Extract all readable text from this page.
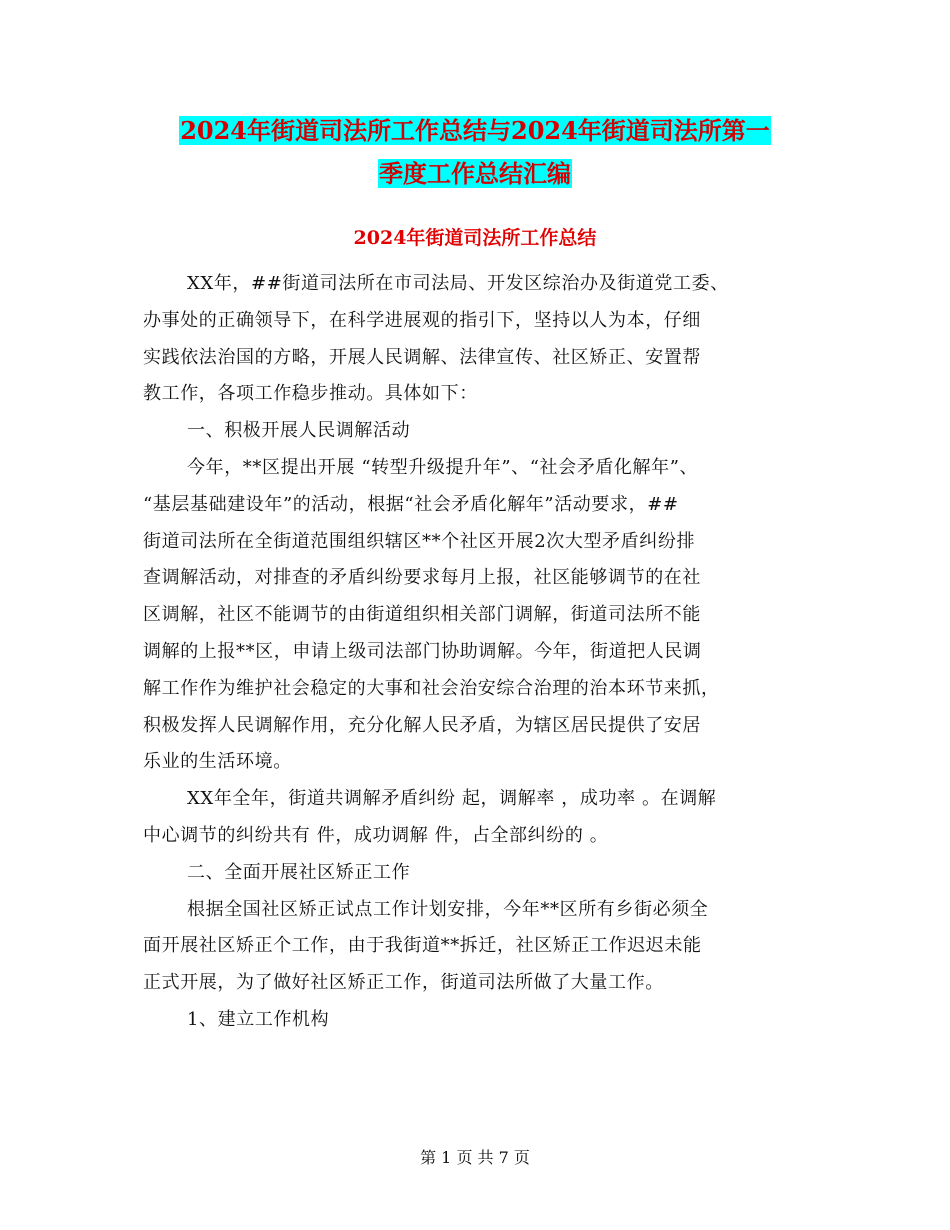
2024年街道司法所工作总结与2024年街道司法所第一
季度工作总结汇编
2024年街道司法所工作总结
XX年，##街道司法所在市司法局、开发区综治办及街道党工委、
办事处的正确领导下，在科学进展观的指引下，坚持以人为本，仔细
实践依法治国的方略，开展人民调解、法律宣传、社区矫正、安置帮
教工作，各项工作稳步推动。具体如下：
一、积极开展人民调解活动
今年，**区提出开展 “转型升级提升年”、“社会矛盾化解年”、
“基层基础建设年”的活动，根据“社会矛盾化解年”活动要求，##
街道司法所在全街道范围组织辖区**个社区开展2次大型矛盾纠纷排
查调解活动，对排查的矛盾纠纷要求每月上报，社区能够调节的在社
区调解，社区不能调节的由街道组织相关部门调解，街道司法所不能
调解的上报**区，申请上级司法部门协助调解。今年，街道把人民调
解工作作为维护社会稳定的大事和社会治安综合治理的治本环节来抓，
积极发挥人民调解作用，充分化解人民矛盾，为辖区居民提供了安居
乐业的生活环境。
XX年全年，街道共调解矛盾纠纷 起，调解率 ，成功率 。在调解
中心调节的纠纷共有 件，成功调解 件，占全部纠纷的 。
二、全面开展社区矫正工作
根据全国社区矫正试点工作计划安排，今年**区所有乡街必须全
面开展社区矫正个工作，由于我街道**拆迁，社区矫正工作迟迟未能
正式开展，为了做好社区矫正工作，街道司法所做了大量工作。
1、建立工作机构
第 1 页 共 7 页
